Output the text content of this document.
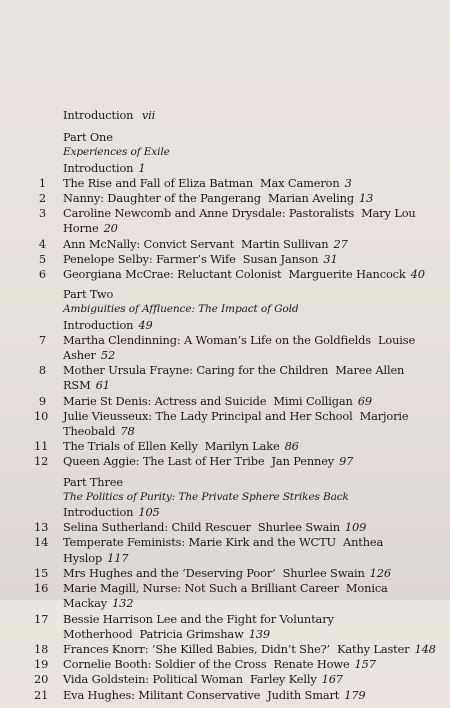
Introduction vii
Part One
Experiences of Exile
Introduction 1
1	The Rise and Fall of Eliza Batman Max Cameron 3
2	Nanny: Daughter of the Pangerang Marian Aveling 13
3	Caroline Newcomb and Anne Drysdale: Pastoralists Mary Lou Horne 20
4	Ann McNally: Convict Servant Martin Sullivan 27
5	Penelope Selby: Farmer’s Wife Susan Janson 31
6	Georgiana McCrae: Reluctant Colonist Marguerite Hancock 40
Part Two
Ambiguities of Affluence: The Impact of Gold
Introduction 49
7	Martha Clendinning: A Woman’s Life on the Goldfields Louise Asher 52
8	Mother Ursula Frayne: Caring for the Children Maree Allen RSM 61
9	Marie St Denis: Actress and Suicide Mimi Colligan 69
10	Julie Vieusseux: The Lady Principal and Her School Marjorie Theobald 78
11	The Trials of Ellen Kelly Marilyn Lake 86
12	Queen Aggie: The Last of Her Tribe Jan Penney 97
Part Three
The Politics of Purity: The Private Sphere Strikes Back
Introduction 105
13	Selina Sutherland: Child Rescuer Shurlee Swain 109
14	Temperate Feminists: Marie Kirk and the WCTU Anthea Hyslop 117
15	Mrs Hughes and the ‘Deserving Poor’ Shurlee Swain 126
16	Marie Magill, Nurse: Not Such a Brilliant Career Monica Mackay 132
17	Bessie Harrison Lee and the Fight for Voluntary Motherhood Patricia Grimshaw 139
18	Frances Knorr: ‘She Killed Babies, Didn’t She?’ Kathy Laster 148
19	Cornelie Booth: Soldier of the Cross Renate Howe 157
20	Vida Goldstein: Political Woman Farley Kelly 167
21	Eva Hughes: Militant Conservative Judith Smart 179
